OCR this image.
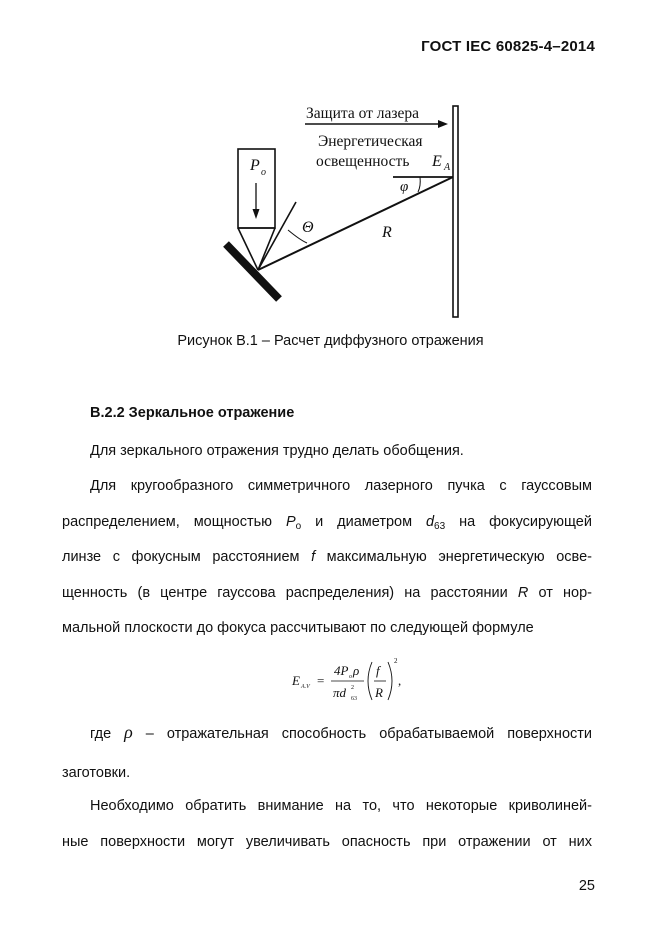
ГОСТ IEC 60825-4–2014
Защита от лазера
Энергетическая
освещенность E A
φ
R
P o
Θ
Рисунок В.1 – Расчет диффузного отражения
В.2.2 Зеркальное отражение
Для зеркального отражения трудно делать обобщения.
Для кругообразного симметричного лазерного пучка с гауссовым
распределением, мощностью $P_о$ и диаметром $d_{63}$ на фокусирующей
линзе с фокусным расстоянием f максимальную энергетическую осве-
щенность (в центре гауссова распределения) на расстоянии R от нор-
мальной плоскости до фокуса рассчитывают по следующей формуле
E A.V =
4P o ρ
πd 2
63
f
R
2
,
где ρ – отражательная способность обрабатываемой поверхности
заготовки.
Необходимо обратить внимание на то, что некоторые криволиней-
ные поверхности могут увеличивать опасность при отражении от них
25
